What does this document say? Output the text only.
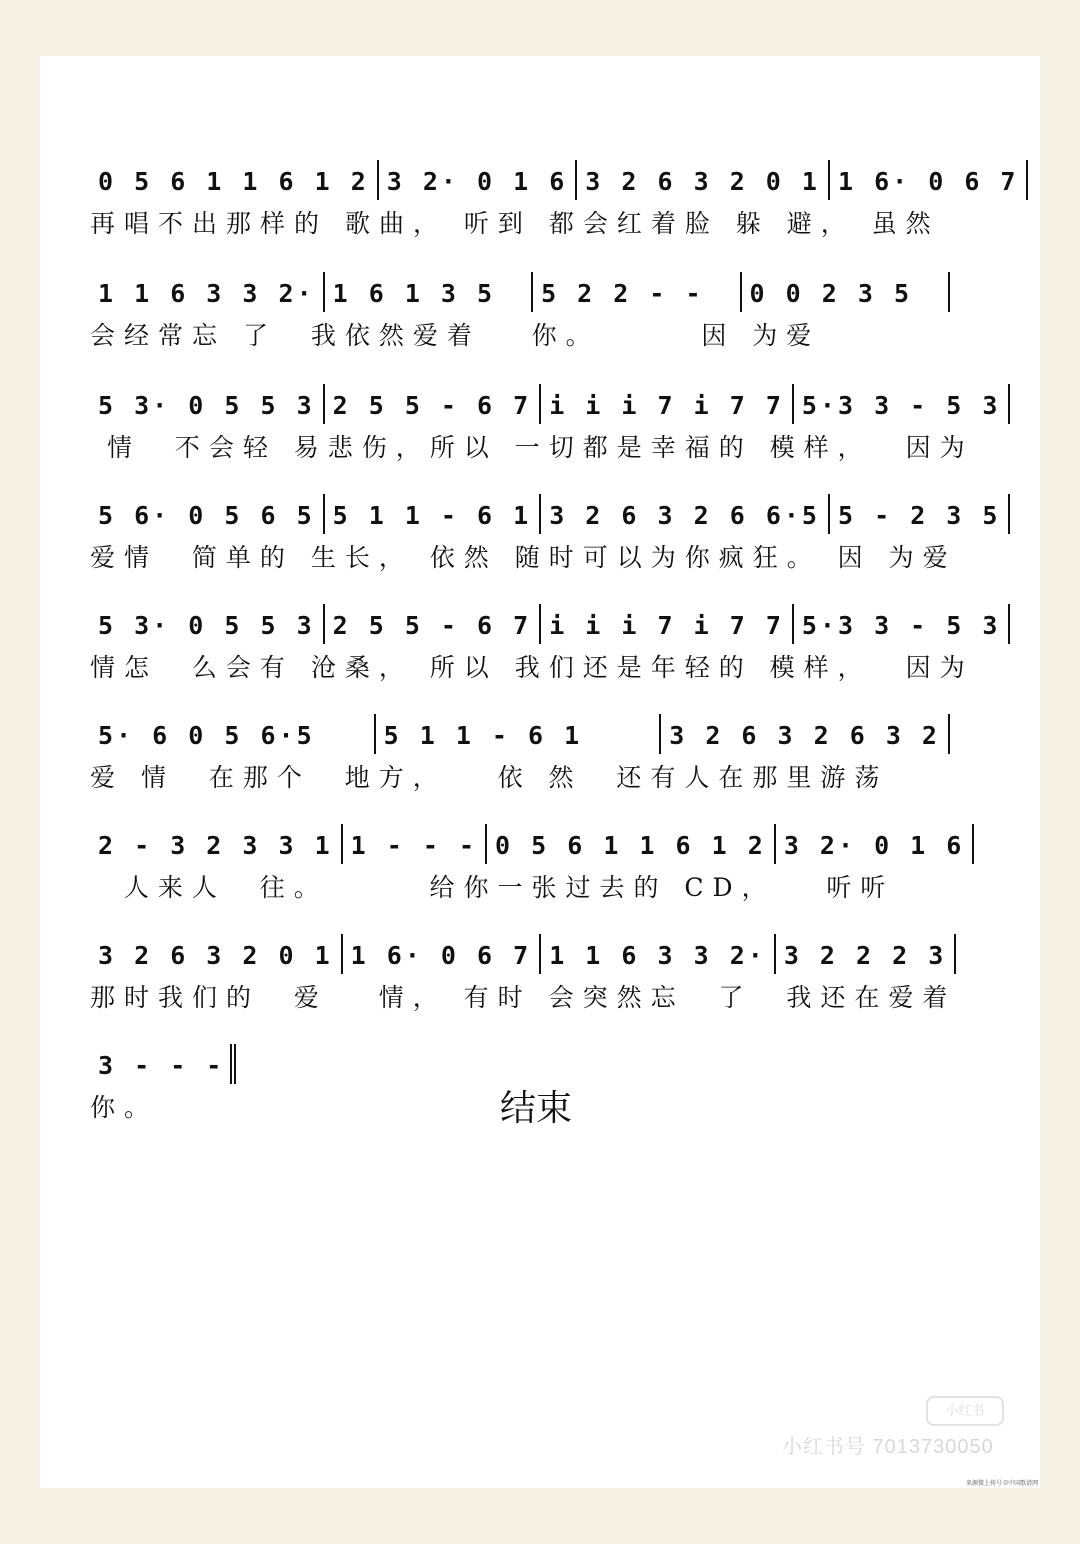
0 5 6 1 1 6 1 2 3 2· 0 1 6 3 2 6 3 2 0 1 1 6· 0 6 7
再唱不出那样的 歌曲， 听到 都会红着脸 躲 避， 虽然
1 1 6 3 3 2· 1 6 1 3 5	5 2 2 - -	0 0 2 3 5
会经常忘 了  我依然爱着   你。      因 为爱
5 3· 0 5 5 3 2 5 5 - 6 7 i i i 7 i 7 7 5·3 3 - 5 3
情  不会轻 易悲伤，所以 一切都是幸福的 模样，  因为
5 6· 0 5 6 5 5 1 1 - 6 1 3 2 6 3 2 6 6·5 5 - 2 3 5
爱情  简单的 生长， 依然 随时可以为你疯狂。 因 为爱
5 3· 0 5 5 3 2 5 5 - 6 7 i i i 7 i 7 7 5·3 3 - 5 3
情怎  么会有 沧桑， 所以 我们还是年轻的 模样，  因为
5· 6 0 5 6·5	5 1 1 - 6 1	3 2 6 3 2 6 3 2
爱 情  在那个  地方，   依 然  还有人在那里游荡
2 - 3 2 3 3 1 1 - - - 0 5 6 1 1 6 1 2 3 2· 0 1 6
人来人  往。      给你一张过去的 CD，   听听
3 2 6 3 2 0 1 1 6· 0 6 7 1 1 6 3 3 2· 3 2 2 2 3
那时我们的  爱   情， 有时 会突然忘  了  我还在爱着
3 - - -
你。	结束
小红书
小红书号 7013730050
来源微上传号 ©中国歌谱网
